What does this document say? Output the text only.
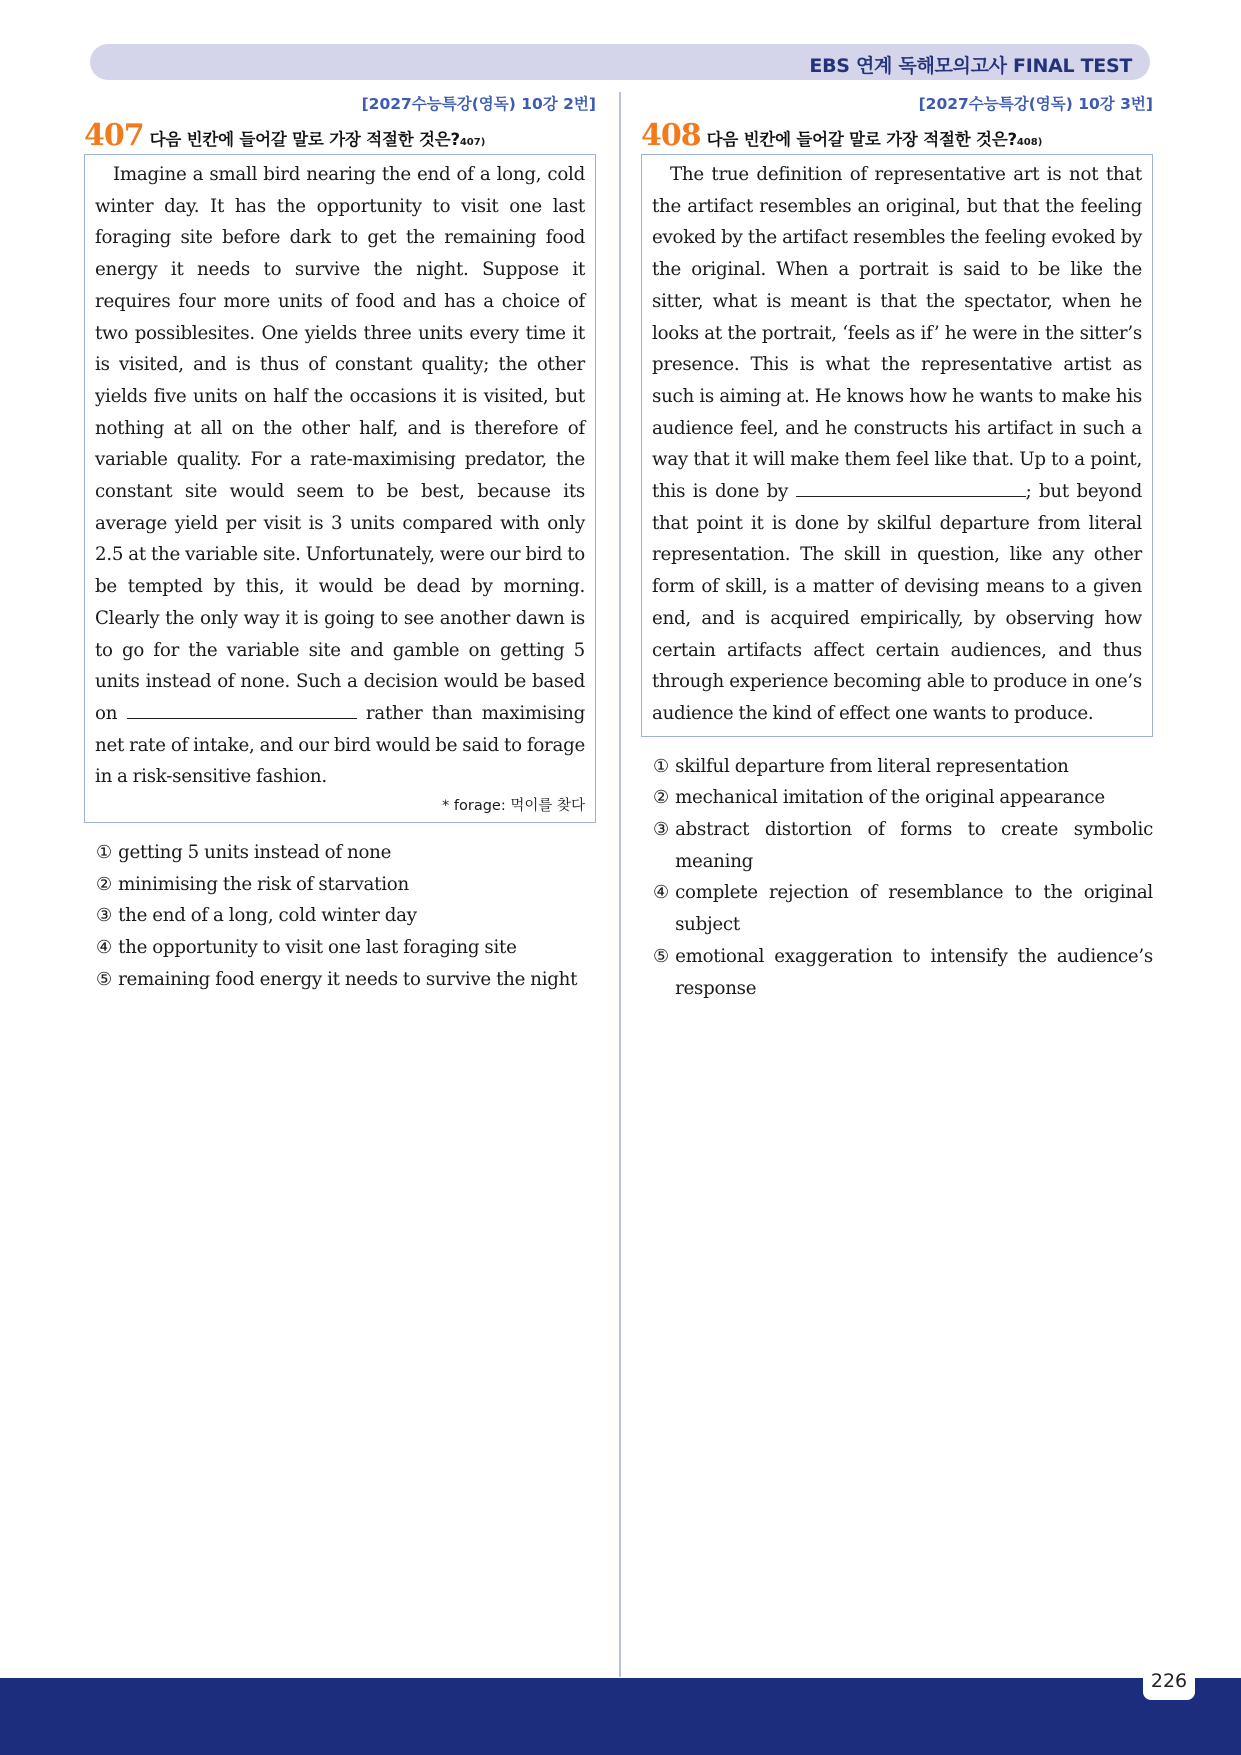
EBS 연계 독해모의고사 FINAL TEST
[2027수능특강(영독) 10강 2번]
407 다음 빈칸에 들어갈 말로 가장 적절한 것은? 407)

Imagine a small bird nearing the end of a long, cold winter day. It has the opportunity to visit one last foraging site before dark to get the remaining food energy it needs to survive the night. Suppose it requires four more units of food and has a choice of two possiblesites. One yields three units every time it is visited, and is thus of constant quality; the other yields five units on half the occasions it is visited, but nothing at all on the other half, and is therefore of variable quality. For a rate-maximising predator, the constant site would seem to be best, because its average yield per visit is 3 units compared with only 2.5 at the variable site. Unfortunately, were our bird to be tempted by this, it would be dead by morning. Clearly the only way it is going to see another dawn is to go for the variable site and gamble on getting 5 units instead of none. Such a decision would be based on	rather than maximising net rate of intake, and our bird would be said to forage in a risk-sensitive fashion.

* forage: 먹이를 찾다
① getting 5 units instead of none
② minimising the risk of starvation
③ the end of a long, cold winter day
④ the opportunity to visit one last foraging site
⑤ remaining food energy it needs to survive the night
[2027수능특강(영독) 10강 3번]
408 다음 빈칸에 들어갈 말로 가장 적절한 것은? 408)

The true definition of representative art is not that the artifact resembles an original, but that the feeling evoked by the artifact resembles the feeling evoked by the original. When a portrait is said to be like the sitter, what is meant is that the spectator, when he looks at the portrait, ‘feels as if’ he were in the sitter’s presence. This is what the representative artist as such is aiming at. He knows how he wants to make his audience feel, and he constructs his artifact in such a way that it will make them feel like that. Up to a point, this is done by	; but beyond that point it is done by skilful departure from literal representation. The skill in question, like any other form of skill, is a matter of devising means to a given end, and is acquired empirically, by observing how certain artifacts affect certain audiences, and thus through experience becoming able to produce in one’s audience the kind of effect one wants to produce.

① skilful departure from literal representation
② mechanical imitation of the original appearance
③ abstract distortion of forms to create symbolic meaning
④ complete rejection of resemblance to the original subject
⑤ emotional exaggeration to intensify the audience’s response
226
